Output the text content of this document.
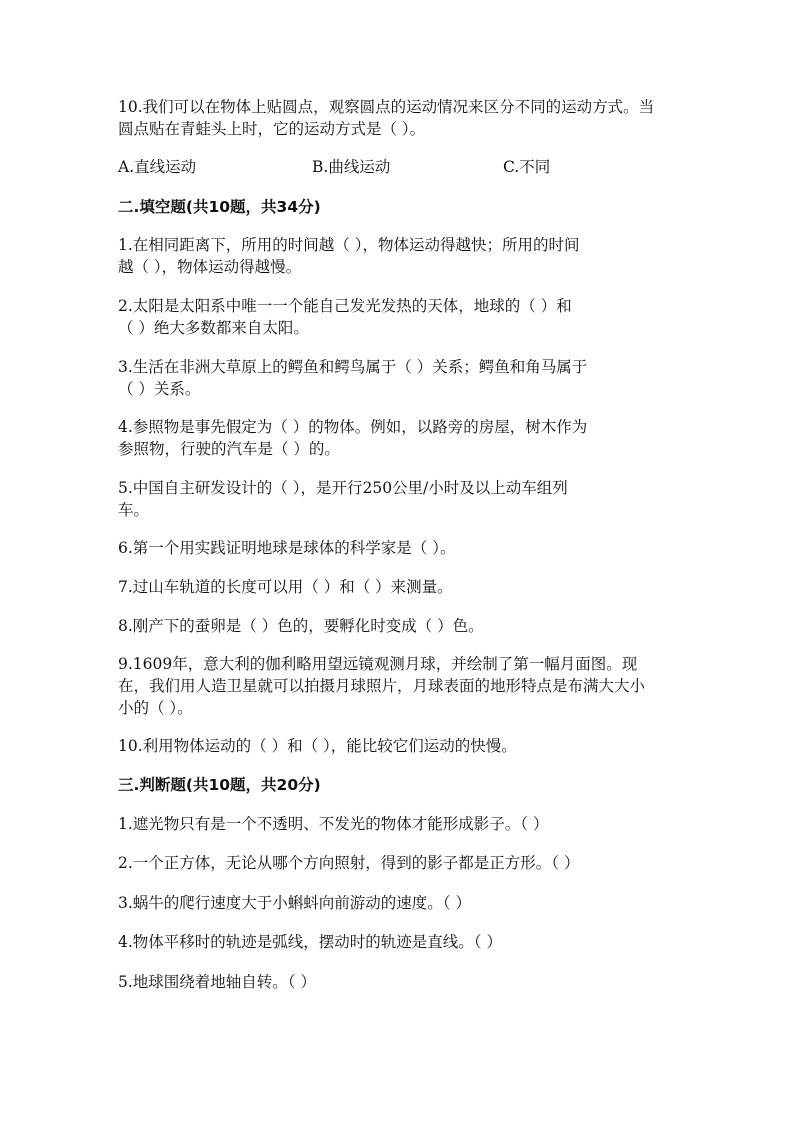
10.我们可以在物体上贴圆点，观察圆点的运动情况来区分不同的运动方式。当
圆点贴在青蛙头上时，它的运动方式是（ ）。
A.直线运动	B.曲线运动	C.不同
二.填空题(共10题，共34分)
1.在相同距离下，所用的时间越（ ），物体运动得越快；所用的时间
越（ ），物体运动得越慢。
2.太阳是太阳系中唯一一个能自己发光发热的天体，地球的（ ）和
（ ）绝大多数都来自太阳。
3.生活在非洲大草原上的鳄鱼和鳄鸟属于（ ）关系；鳄鱼和角马属于
（ ）关系。
4.参照物是事先假定为（ ）的物体。例如，以路旁的房屋，树木作为
参照物，行驶的汽车是（ ）的。
5.中国自主研发设计的（ ），是开行250公里/小时及以上动车组列
车。
6.第一个用实践证明地球是球体的科学家是（ ）。
7.过山车轨道的长度可以用（ ）和（ ）来测量。
8.刚产下的蚕卵是（ ）色的，要孵化时变成（ ）色。
9.1609年，意大利的伽利略用望远镜观测月球，并绘制了第一幅月面图。现
在，我们用人造卫星就可以拍摄月球照片，月球表面的地形特点是布满大大小
小的（ ）。
10.利用物体运动的（ ）和（ ），能比较它们运动的快慢。
三.判断题(共10题，共20分)
1.遮光物只有是一个不透明、不发光的物体才能形成影子。（ ）
2.一个正方体，无论从哪个方向照射，得到的影子都是正方形。（ ）
3.蜗牛的爬行速度大于小蝌蚪向前游动的速度。（ ）
4.物体平移时的轨迹是弧线，摆动时的轨迹是直线。（ ）
5.地球围绕着地轴自转。（ ）
